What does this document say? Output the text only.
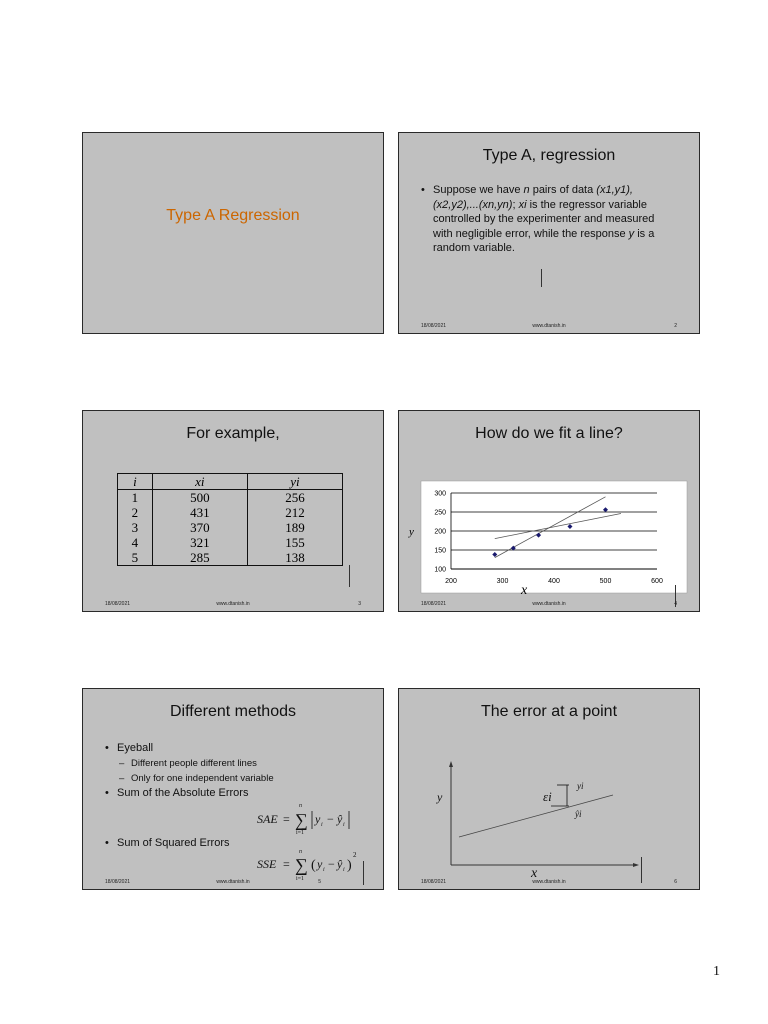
Type A Regression
Type A, regression
• Suppose we have n pairs of data (x1,y1), (x2,y2),...(xn,yn); xi is the regressor variable controlled by the experimenter and measured with negligible error, while the response y is a random variable.
18/08/2021	www.dtanish.in	2
For example,
i	xi	yi
1	500	256
2	431	212
3	370	189
4	321	155
5	285	138
18/08/2021	www.dtanish.in	3
How do we fit a line?
100
150
200
250
300
200	300	400	500	600
y
x
18/08/2021	www.dtanish.in	4
Different methods
• Eyeball
– Different people different lines
– Only for one independent variable
• Sum of the Absolute Errors
SAE = ∑
n
i=1
y i − ŷ i
SSE = ∑
n
i=1
( y i − ŷ i )
2
• Sum of Squared Errors
18/08/2021	www.dtanish.in	5
The error at a point
y
x
εi
yi
ŷi
18/08/2021	www.dtanish.in	6
1
